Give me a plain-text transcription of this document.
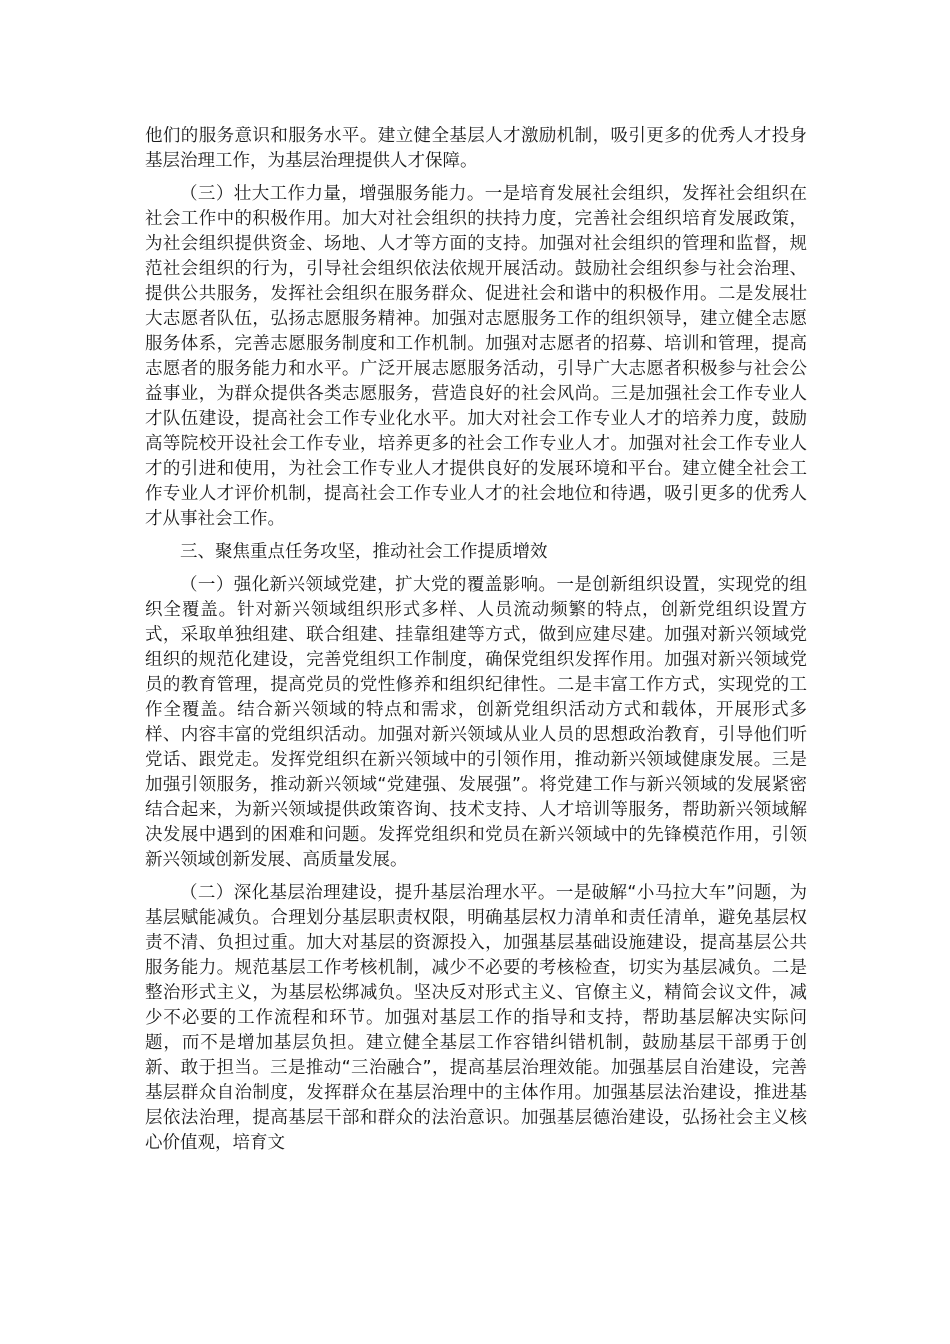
他们的服务意识和服务水平。建立健全基层人才激励机制，吸引更多的优秀人才投身基层治理工作，为基层治理提供人才保障。

（三）壮大工作力量，增强服务能力。一是培育发展社会组织，发挥社会组织在社会工作中的积极作用。加大对社会组织的扶持力度，完善社会组织培育发展政策，为社会组织提供资金、场地、人才等方面的支持。加强对社会组织的管理和监督，规范社会组织的行为，引导社会组织依法依规开展活动。鼓励社会组织参与社会治理、提供公共服务，发挥社会组织在服务群众、促进社会和谐中的积极作用。二是发展壮大志愿者队伍，弘扬志愿服务精神。加强对志愿服务工作的组织领导，建立健全志愿服务体系，完善志愿服务制度和工作机制。加强对志愿者的招募、培训和管理，提高志愿者的服务能力和水平。广泛开展志愿服务活动，引导广大志愿者积极参与社会公益事业，为群众提供各类志愿服务，营造良好的社会风尚。三是加强社会工作专业人才队伍建设，提高社会工作专业化水平。加大对社会工作专业人才的培养力度，鼓励高等院校开设社会工作专业，培养更多的社会工作专业人才。加强对社会工作专业人才的引进和使用，为社会工作专业人才提供良好的发展环境和平台。建立健全社会工作专业人才评价机制，提高社会工作专业人才的社会地位和待遇，吸引更多的优秀人才从事社会工作。

三、聚焦重点任务攻坚，推动社会工作提质增效

（一）强化新兴领域党建，扩大党的覆盖影响。一是创新组织设置，实现党的组织全覆盖。针对新兴领域组织形式多样、人员流动频繁的特点，创新党组织设置方式，采取单独组建、联合组建、挂靠组建等方式，做到应建尽建。加强对新兴领域党组织的规范化建设，完善党组织工作制度，确保党组织发挥作用。加强对新兴领域党员的教育管理，提高党员的党性修养和组织纪律性。二是丰富工作方式，实现党的工作全覆盖。结合新兴领域的特点和需求，创新党组织活动方式和载体，开展形式多样、内容丰富的党组织活动。加强对新兴领域从业人员的思想政治教育，引导他们听党话、跟党走。发挥党组织在新兴领域中的引领作用，推动新兴领域健康发展。三是加强引领服务，推动新兴领域“党建强、发展强”。将党建工作与新兴领域的发展紧密结合起来，为新兴领域提供政策咨询、技术支持、人才培训等服务，帮助新兴领域解决发展中遇到的困难和问题。发挥党组织和党员在新兴领域中的先锋模范作用，引领新兴领域创新发展、高质量发展。

（二）深化基层治理建设，提升基层治理水平。一是破解“小马拉大车”问题，为基层赋能减负。合理划分基层职责权限，明确基层权力清单和责任清单，避免基层权责不清、负担过重。加大对基层的资源投入，加强基层基础设施建设，提高基层公共服务能力。规范基层工作考核机制，减少不必要的考核检查，切实为基层减负。二是整治形式主义，为基层松绑减负。坚决反对形式主义、官僚主义，精简会议文件，减少不必要的工作流程和环节。加强对基层工作的指导和支持，帮助基层解决实际问题，而不是增加基层负担。建立健全基层工作容错纠错机制，鼓励基层干部勇于创新、敢于担当。三是推动“三治融合”，提高基层治理效能。加强基层自治建设，完善基层群众自治制度，发挥群众在基层治理中的主体作用。加强基层法治建设，推进基层依法治理，提高基层干部和群众的法治意识。加强基层德治建设，弘扬社会主义核心价值观，培育文
